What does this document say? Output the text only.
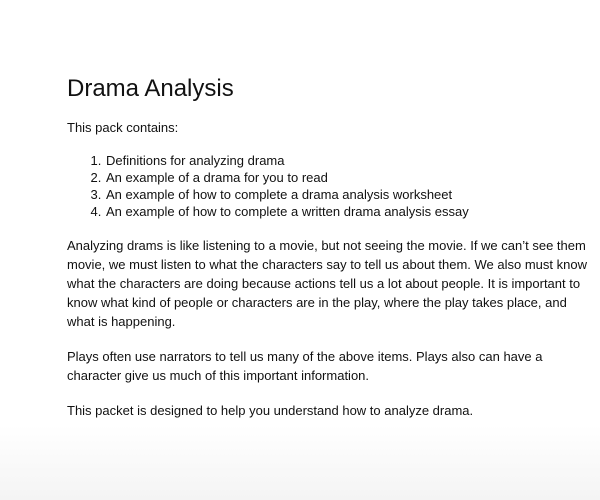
Drama Analysis
This pack contains:
1. Definitions for analyzing drama
2. An example of a drama for you to read
3. An example of how to complete a drama analysis worksheet
4. An example of how to complete a written drama analysis essay

Analyzing drams is like listening to a movie, but not seeing the movie. If we can’t see them movie, we must listen to what the characters say to tell us about them. We also must know what the characters are doing because actions tell us a lot about people. It is important to know what kind of people or characters are in the play, where the play takes place, and what is happening.

Plays often use narrators to tell us many of the above items. Plays also can have a character give us much of this important information.

This packet is designed to help you understand how to analyze drama.
